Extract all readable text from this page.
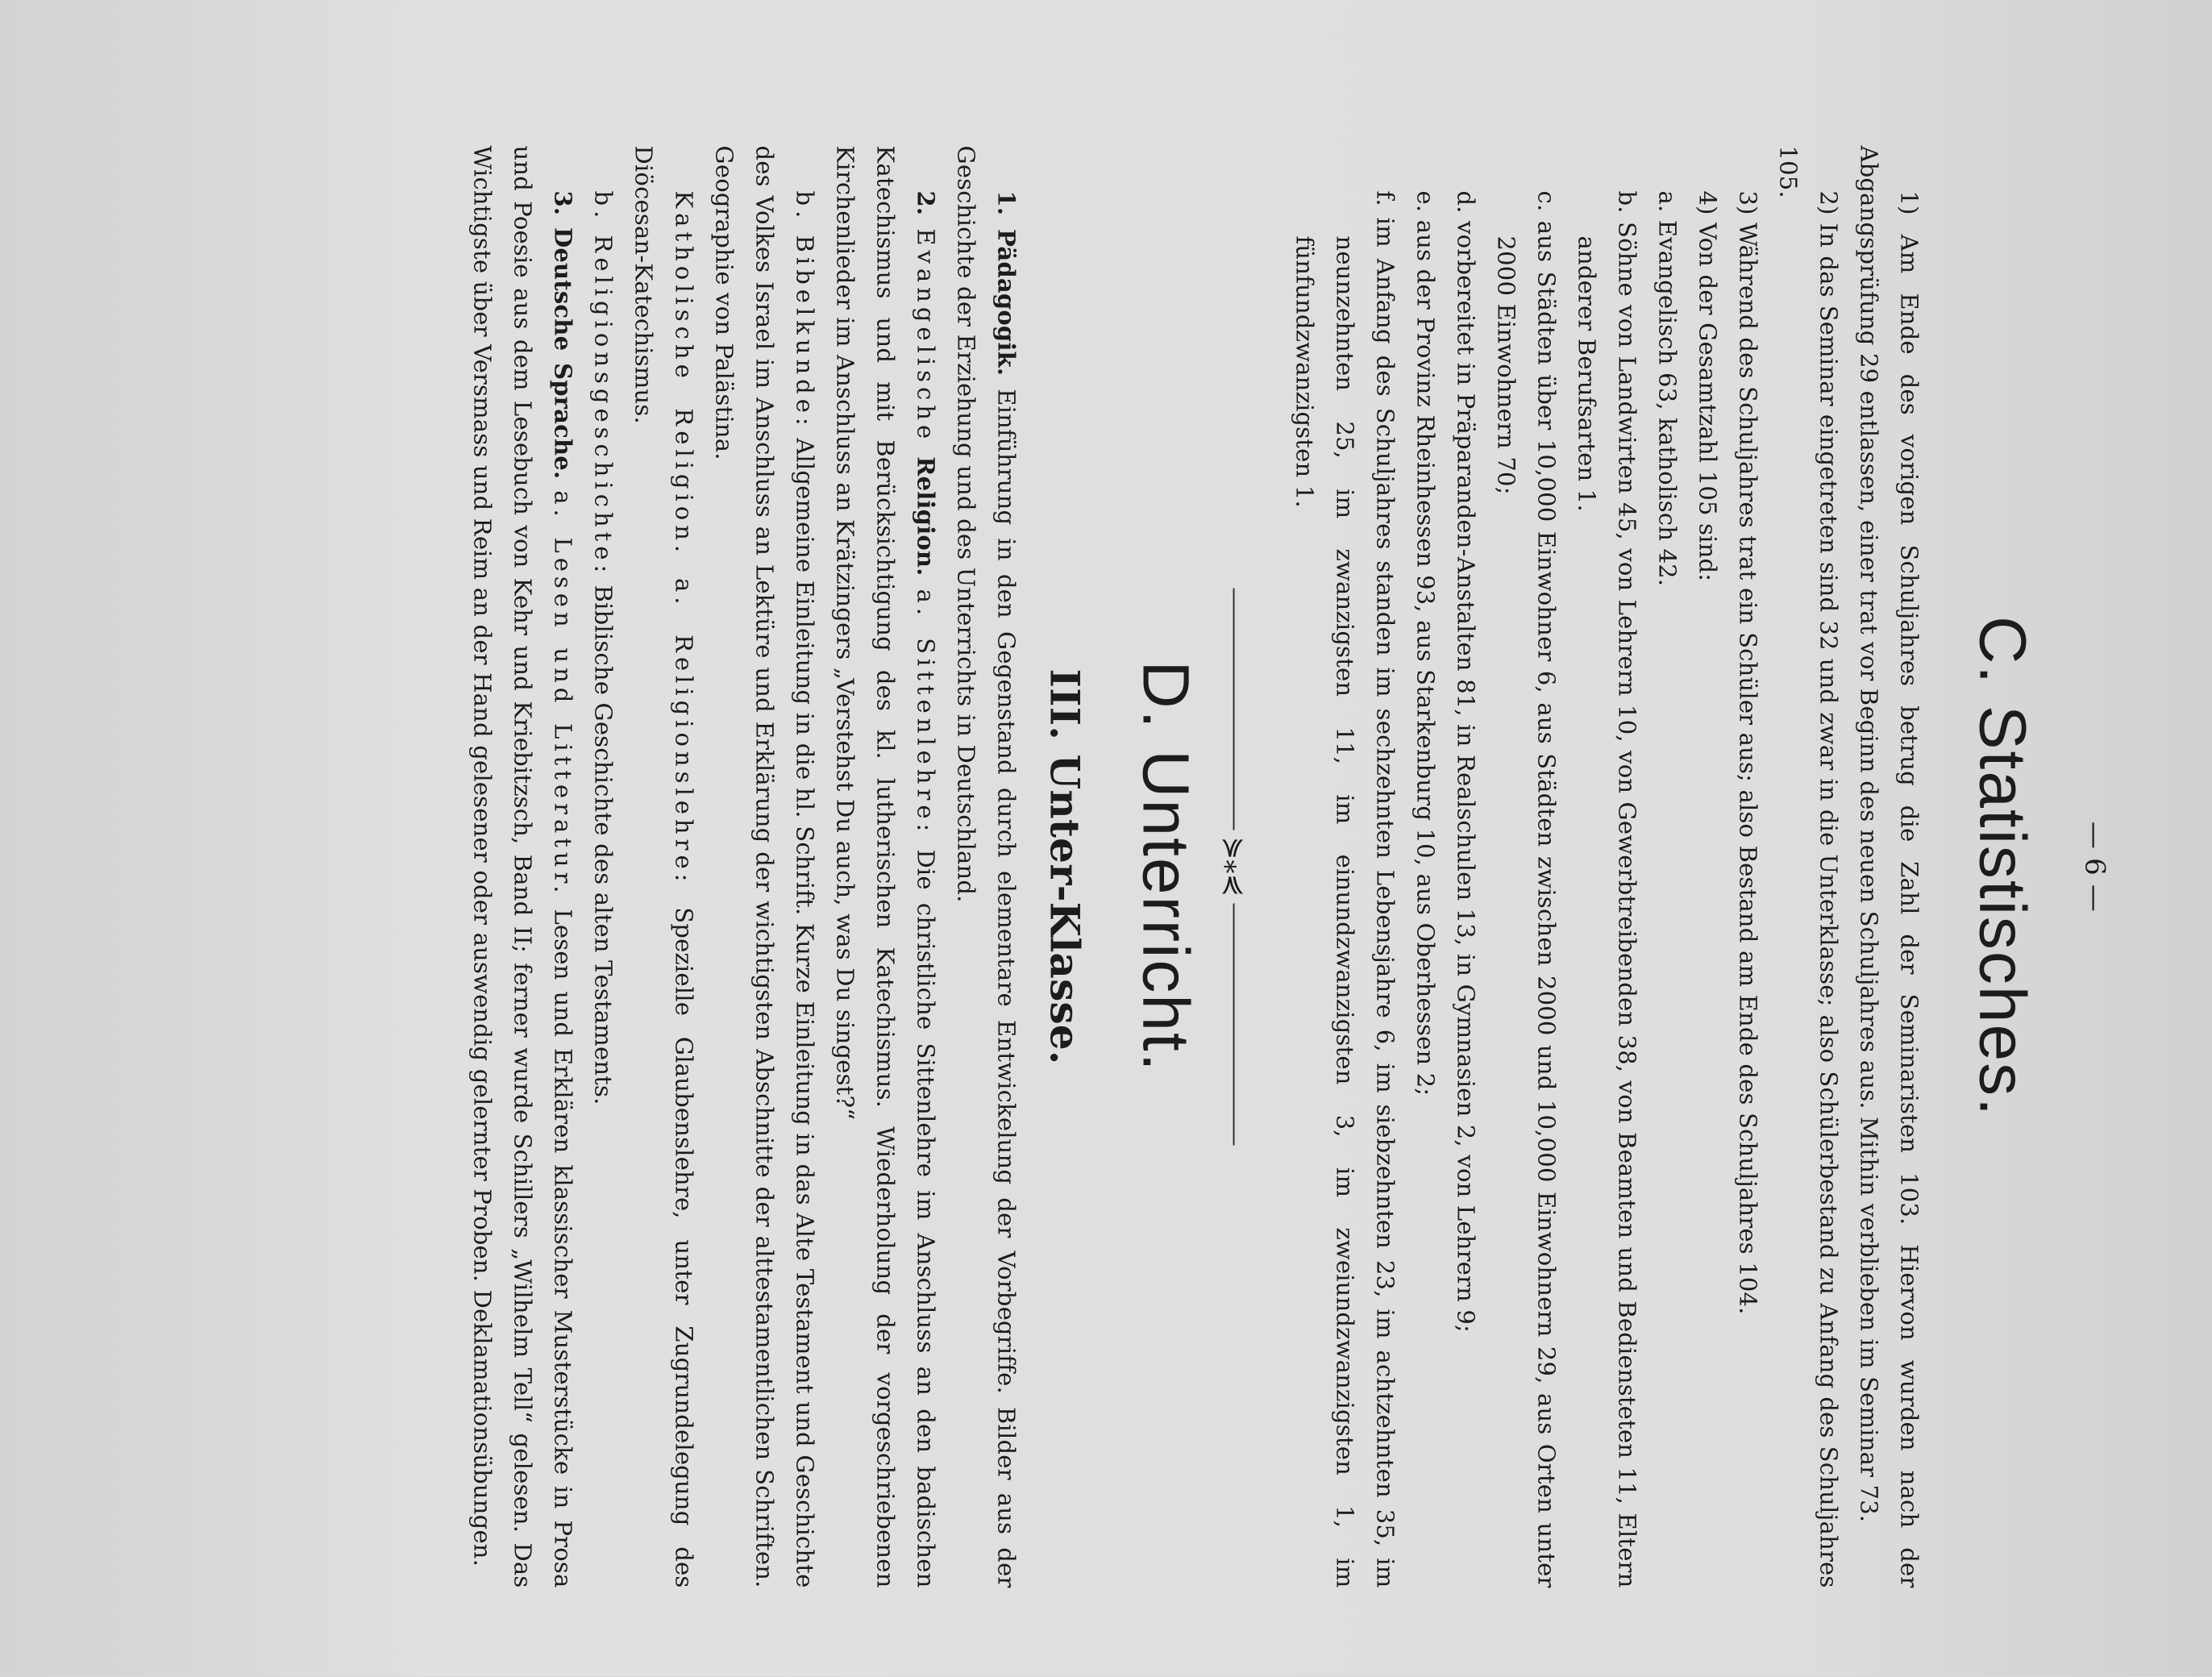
— 6 —
C. Statistisches.

1) Am Ende des vorigen Schuljahres betrug die Zahl der Seminaristen 103. Hiervon wurden nach der Abgangsprüfung 29 entlassen, einer trat vor Beginn des neuen Schuljahres aus. Mithin verblieben im Seminar 73.

2) In das Seminar eingetreten sind 32 und zwar in die Unterklasse; also Schülerbestand zu Anfang des Schuljahres 105.

3) Während des Schuljahres trat ein Schüler aus; also Bestand am Ende des Schuljahres 104.

4) Von der Gesamtzahl 105 sind:

a. Evangelisch 63, katholisch 42.

b. Söhne von Landwirten 45, von Lehrern 10, von Gewerbtreibenden 38, von Beamten und Bediensteten 11, Eltern anderer Berufsarten 1.

c. aus Städten über 10,000 Einwohner 6, aus Städten zwischen 2000 und 10,000 Einwohnern 29, aus Orten unter 2000 Einwohnern 70;

d. vorbereitet in Präparanden-Anstalten 81, in Realschulen 13, in Gymnasien 2, von Lehrern 9;

e. aus der Provinz Rheinhessen 93, aus Starkenburg 10, aus Oberhessen 2;

f. im Anfang des Schuljahres standen im sechzehnten Lebensjahre 6, im siebzehnten 23, im achtzehnten 35, im neunzehnten 25, im zwanzigsten 11, im einundzwanzigsten 3, im zweiundzwanzigsten 1, im fünfundzwanzigsten 1.

⋟⁎⋞
D. Unterricht.
III. Unter-Klasse.

1. Pädagogik. Einführung in den Gegenstand durch elementare Entwickelung der Vorbegriffe. Bilder aus der Geschichte der Erziehung und des Unterrichts in Deutschland.

2. Evangelische Religion. a. Sittenlehre: Die christliche Sittenlehre im Anschluss an den badischen Katechismus und mit Berücksichtigung des kl. lutherischen Katechismus. Wiederholung der vorgeschriebenen Kirchenlieder im Anschluss an Krätzingers „Verstehst Du auch, was Du singest?“

b. Bibelkunde: Allgemeine Einleitung in die hl. Schrift. Kurze Einleitung in das Alte Testament und Geschichte des Volkes Israel im Anschluss an Lektüre und Erklärung der wichtigsten Abschnitte der alttestamentlichen Schriften. Geographie von Palästina.

Katholische Religion. a. Religionslehre: Spezielle Glaubenslehre, unter Zugrundelegung des Diöcesan-Katechismus.

b. Religionsgeschichte: Biblische Geschichte des alten Testaments.

3. Deutsche Sprache. a. Lesen und Litteratur. Lesen und Erklären klassischer Musterstücke in Prosa und Poesie aus dem Lesebuch von Kehr und Kriebitzsch, Band II; ferner wurde Schillers „Wilhelm Tell“ gelesen. Das Wichtigste über Versmass und Reim an der Hand gelesener oder auswendig gelernter Proben. Deklamationsübungen.
